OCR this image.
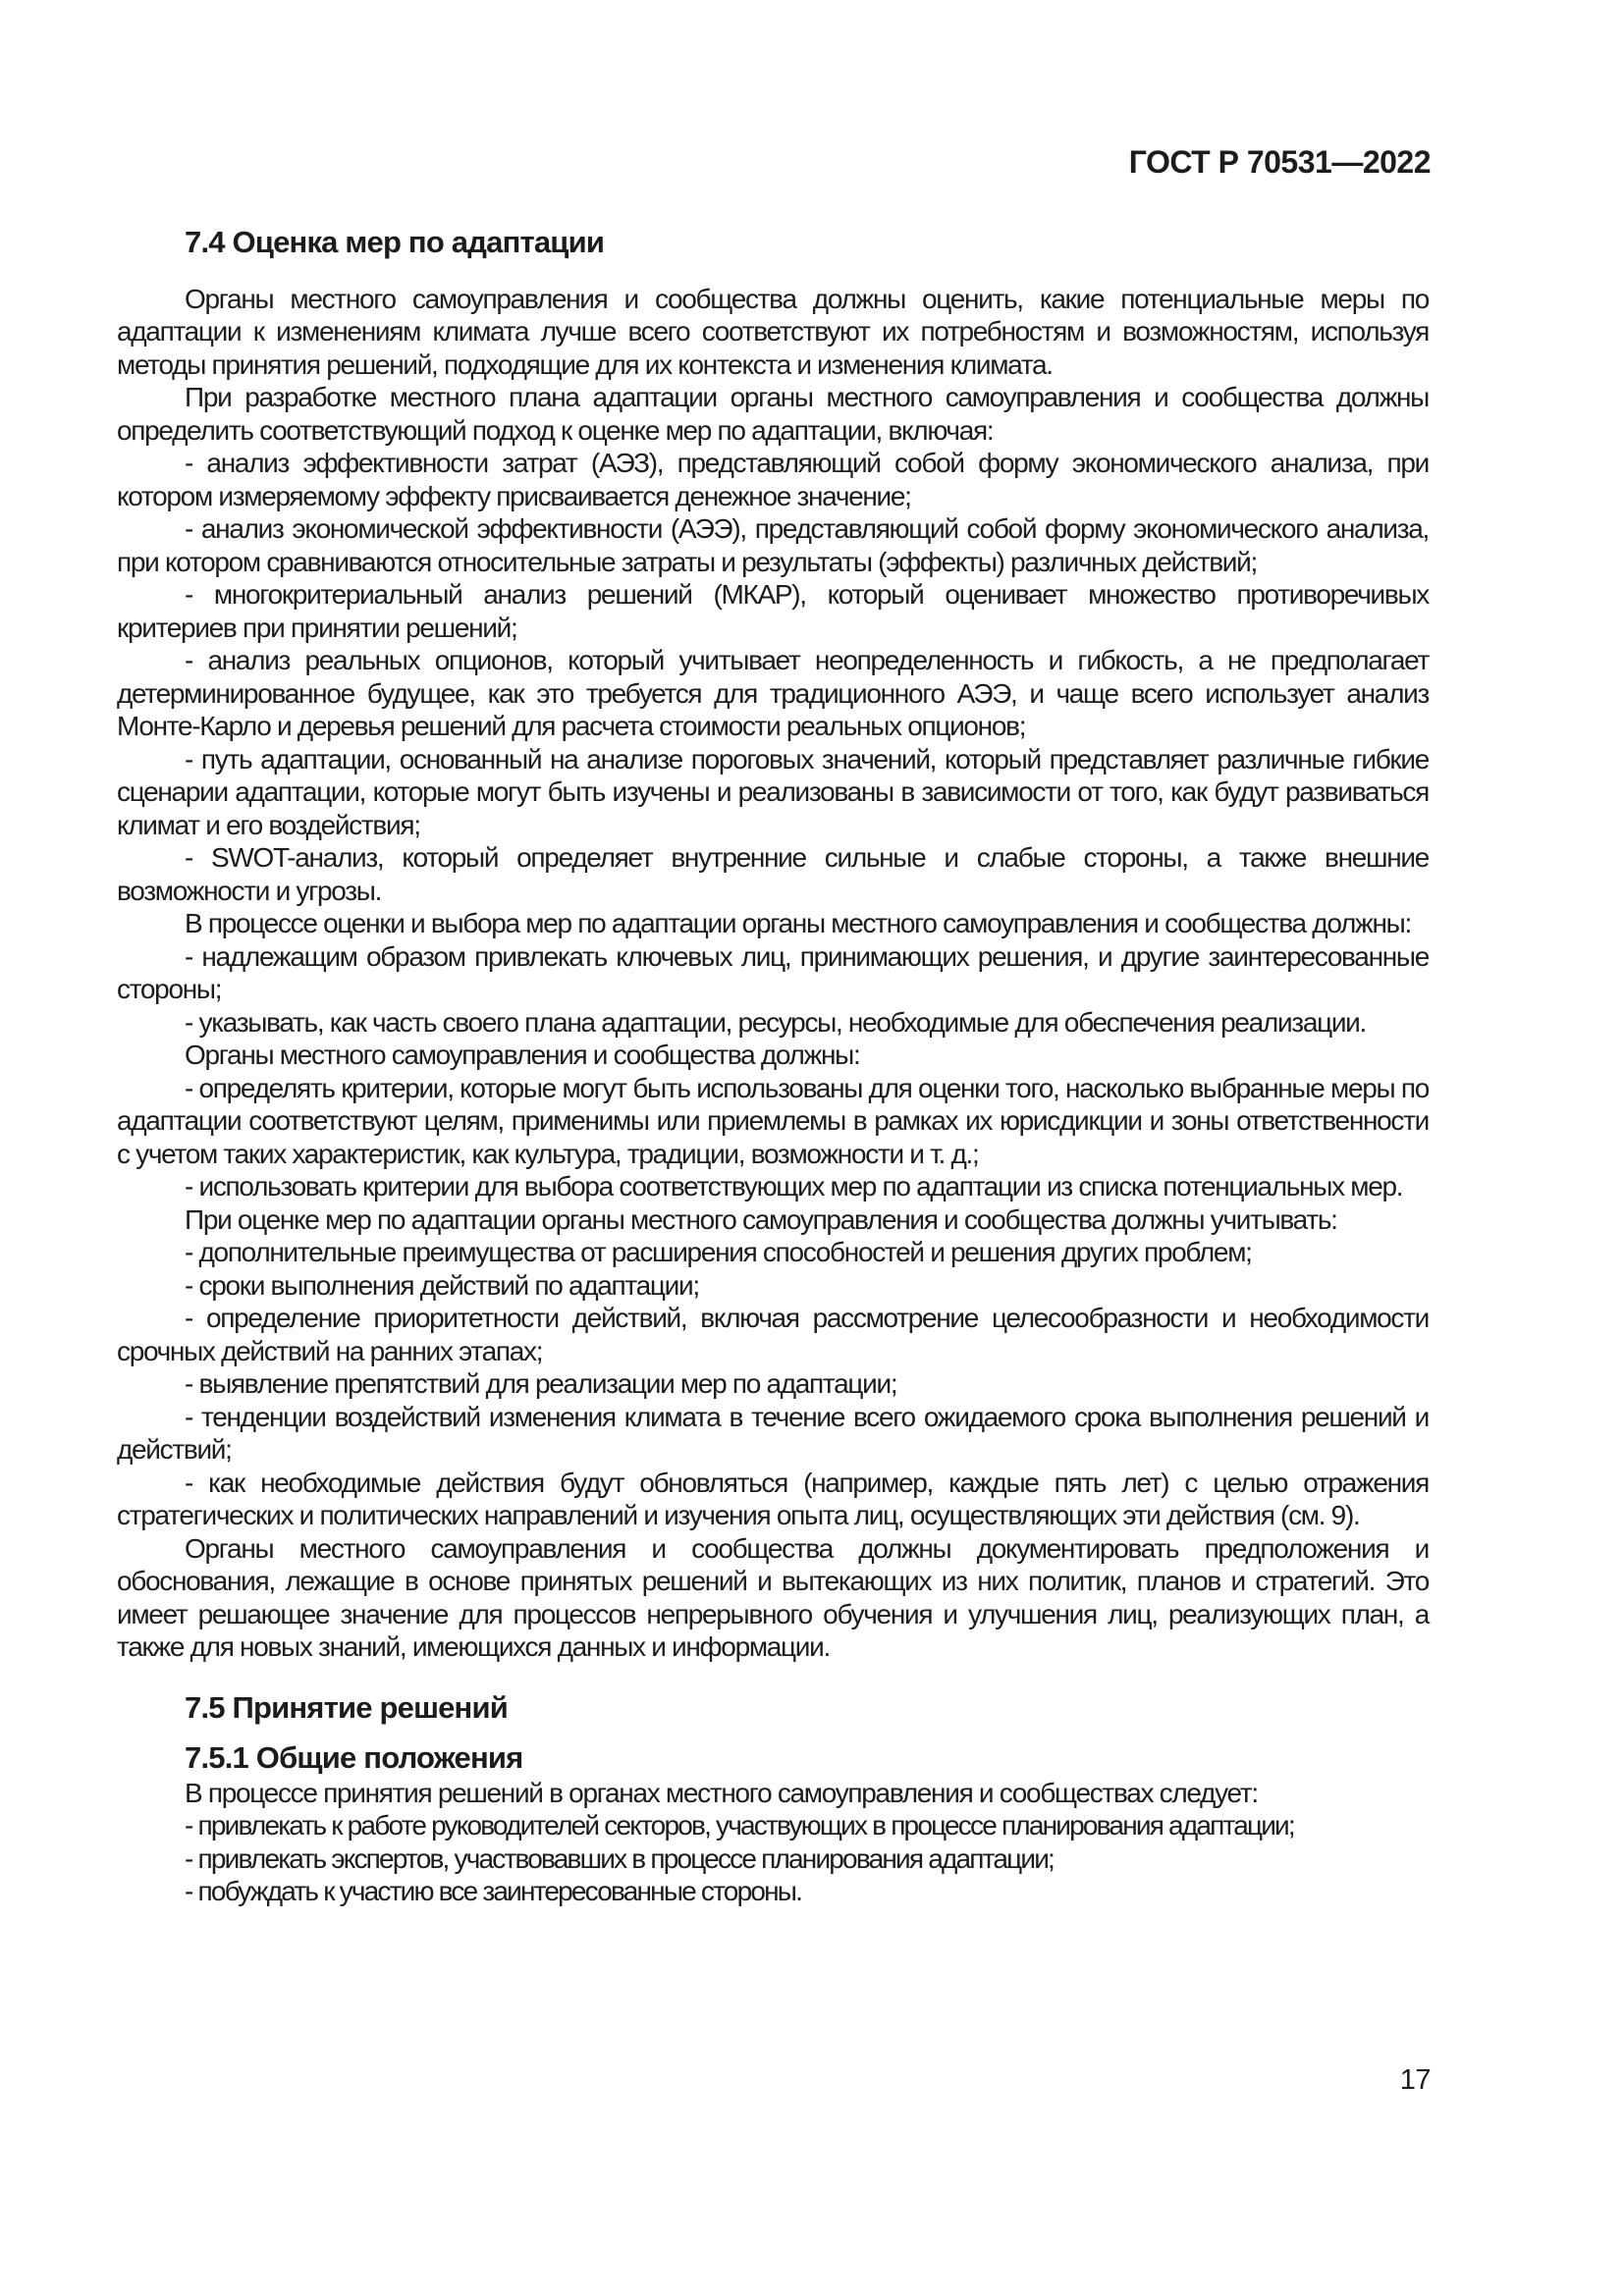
ГОСТ Р 70531—2022
7.4 Оценка мер по адаптации
Органы местного самоуправления и сообщества должны оценить, какие потенциальные меры по адаптации к изменениям климата лучше всего соответствуют их потребностям и возможностям, используя методы принятия решений, подходящие для их контекста и изменения климата.
При разработке местного плана адаптации органы местного самоуправления и сообщества должны определить соответствующий подход к оценке мер по адаптации, включая:
- анализ эффективности затрат (АЭЗ), представляющий собой форму экономического анализа, при котором измеряемому эффекту присваивается денежное значение;
- анализ экономической эффективности (АЭЭ), представляющий собой форму экономического анализа, при котором сравниваются относительные затраты и результаты (эффекты) различных действий;
- многокритериальный анализ решений (МКАР), который оценивает множество противоречивых критериев при принятии решений;
- анализ реальных опционов, который учитывает неопределенность и гибкость, а не предполагает детерминированное будущее, как это требуется для традиционного АЭЭ, и чаще всего использует анализ Монте-Карло и деревья решений для расчета стоимости реальных опционов;
- путь адаптации, основанный на анализе пороговых значений, который представляет различные гибкие сценарии адаптации, которые могут быть изучены и реализованы в зависимости от того, как будут развиваться климат и его воздействия;
- SWOT-анализ, который определяет внутренние сильные и слабые стороны, а также внешние возможности и угрозы.
В процессе оценки и выбора мер по адаптации органы местного самоуправления и сообщества должны:
- надлежащим образом привлекать ключевых лиц, принимающих решения, и другие заинтересованные стороны;
- указывать, как часть своего плана адаптации, ресурсы, необходимые для обеспечения реализации.
Органы местного самоуправления и сообщества должны:
- определять критерии, которые могут быть использованы для оценки того, насколько выбранные меры по адаптации соответствуют целям, применимы или приемлемы в рамках их юрисдикции и зоны ответственности с учетом таких характеристик, как культура, традиции, возможности и т. д.;
- использовать критерии для выбора соответствующих мер по адаптации из списка потенциальных мер.
При оценке мер по адаптации органы местного самоуправления и сообщества должны учитывать:
- дополнительные преимущества от расширения способностей и решения других проблем;
- сроки выполнения действий по адаптации;
- определение приоритетности действий, включая рассмотрение целесообразности и необходимости срочных действий на ранних этапах;
- выявление препятствий для реализации мер по адаптации;
- тенденции воздействий изменения климата в течение всего ожидаемого срока выполнения решений и действий;
- как необходимые действия будут обновляться (например, каждые пять лет) с целью отражения стратегических и политических направлений и изучения опыта лиц, осуществляющих эти действия (см. 9).
Органы местного самоуправления и сообщества должны документировать предположения и обоснования, лежащие в основе принятых решений и вытекающих из них политик, планов и стратегий. Это имеет решающее значение для процессов непрерывного обучения и улучшения лиц, реализующих план, а также для новых знаний, имеющихся данных и информации.
7.5 Принятие решений
7.5.1 Общие положения
В процессе принятия решений в органах местного самоуправления и сообществах следует:
- привлекать к работе руководителей секторов, участвующих в процессе планирования адаптации;
- привлекать экспертов, участвовавших в процессе планирования адаптации;
- побуждать к участию все заинтересованные стороны.
17
